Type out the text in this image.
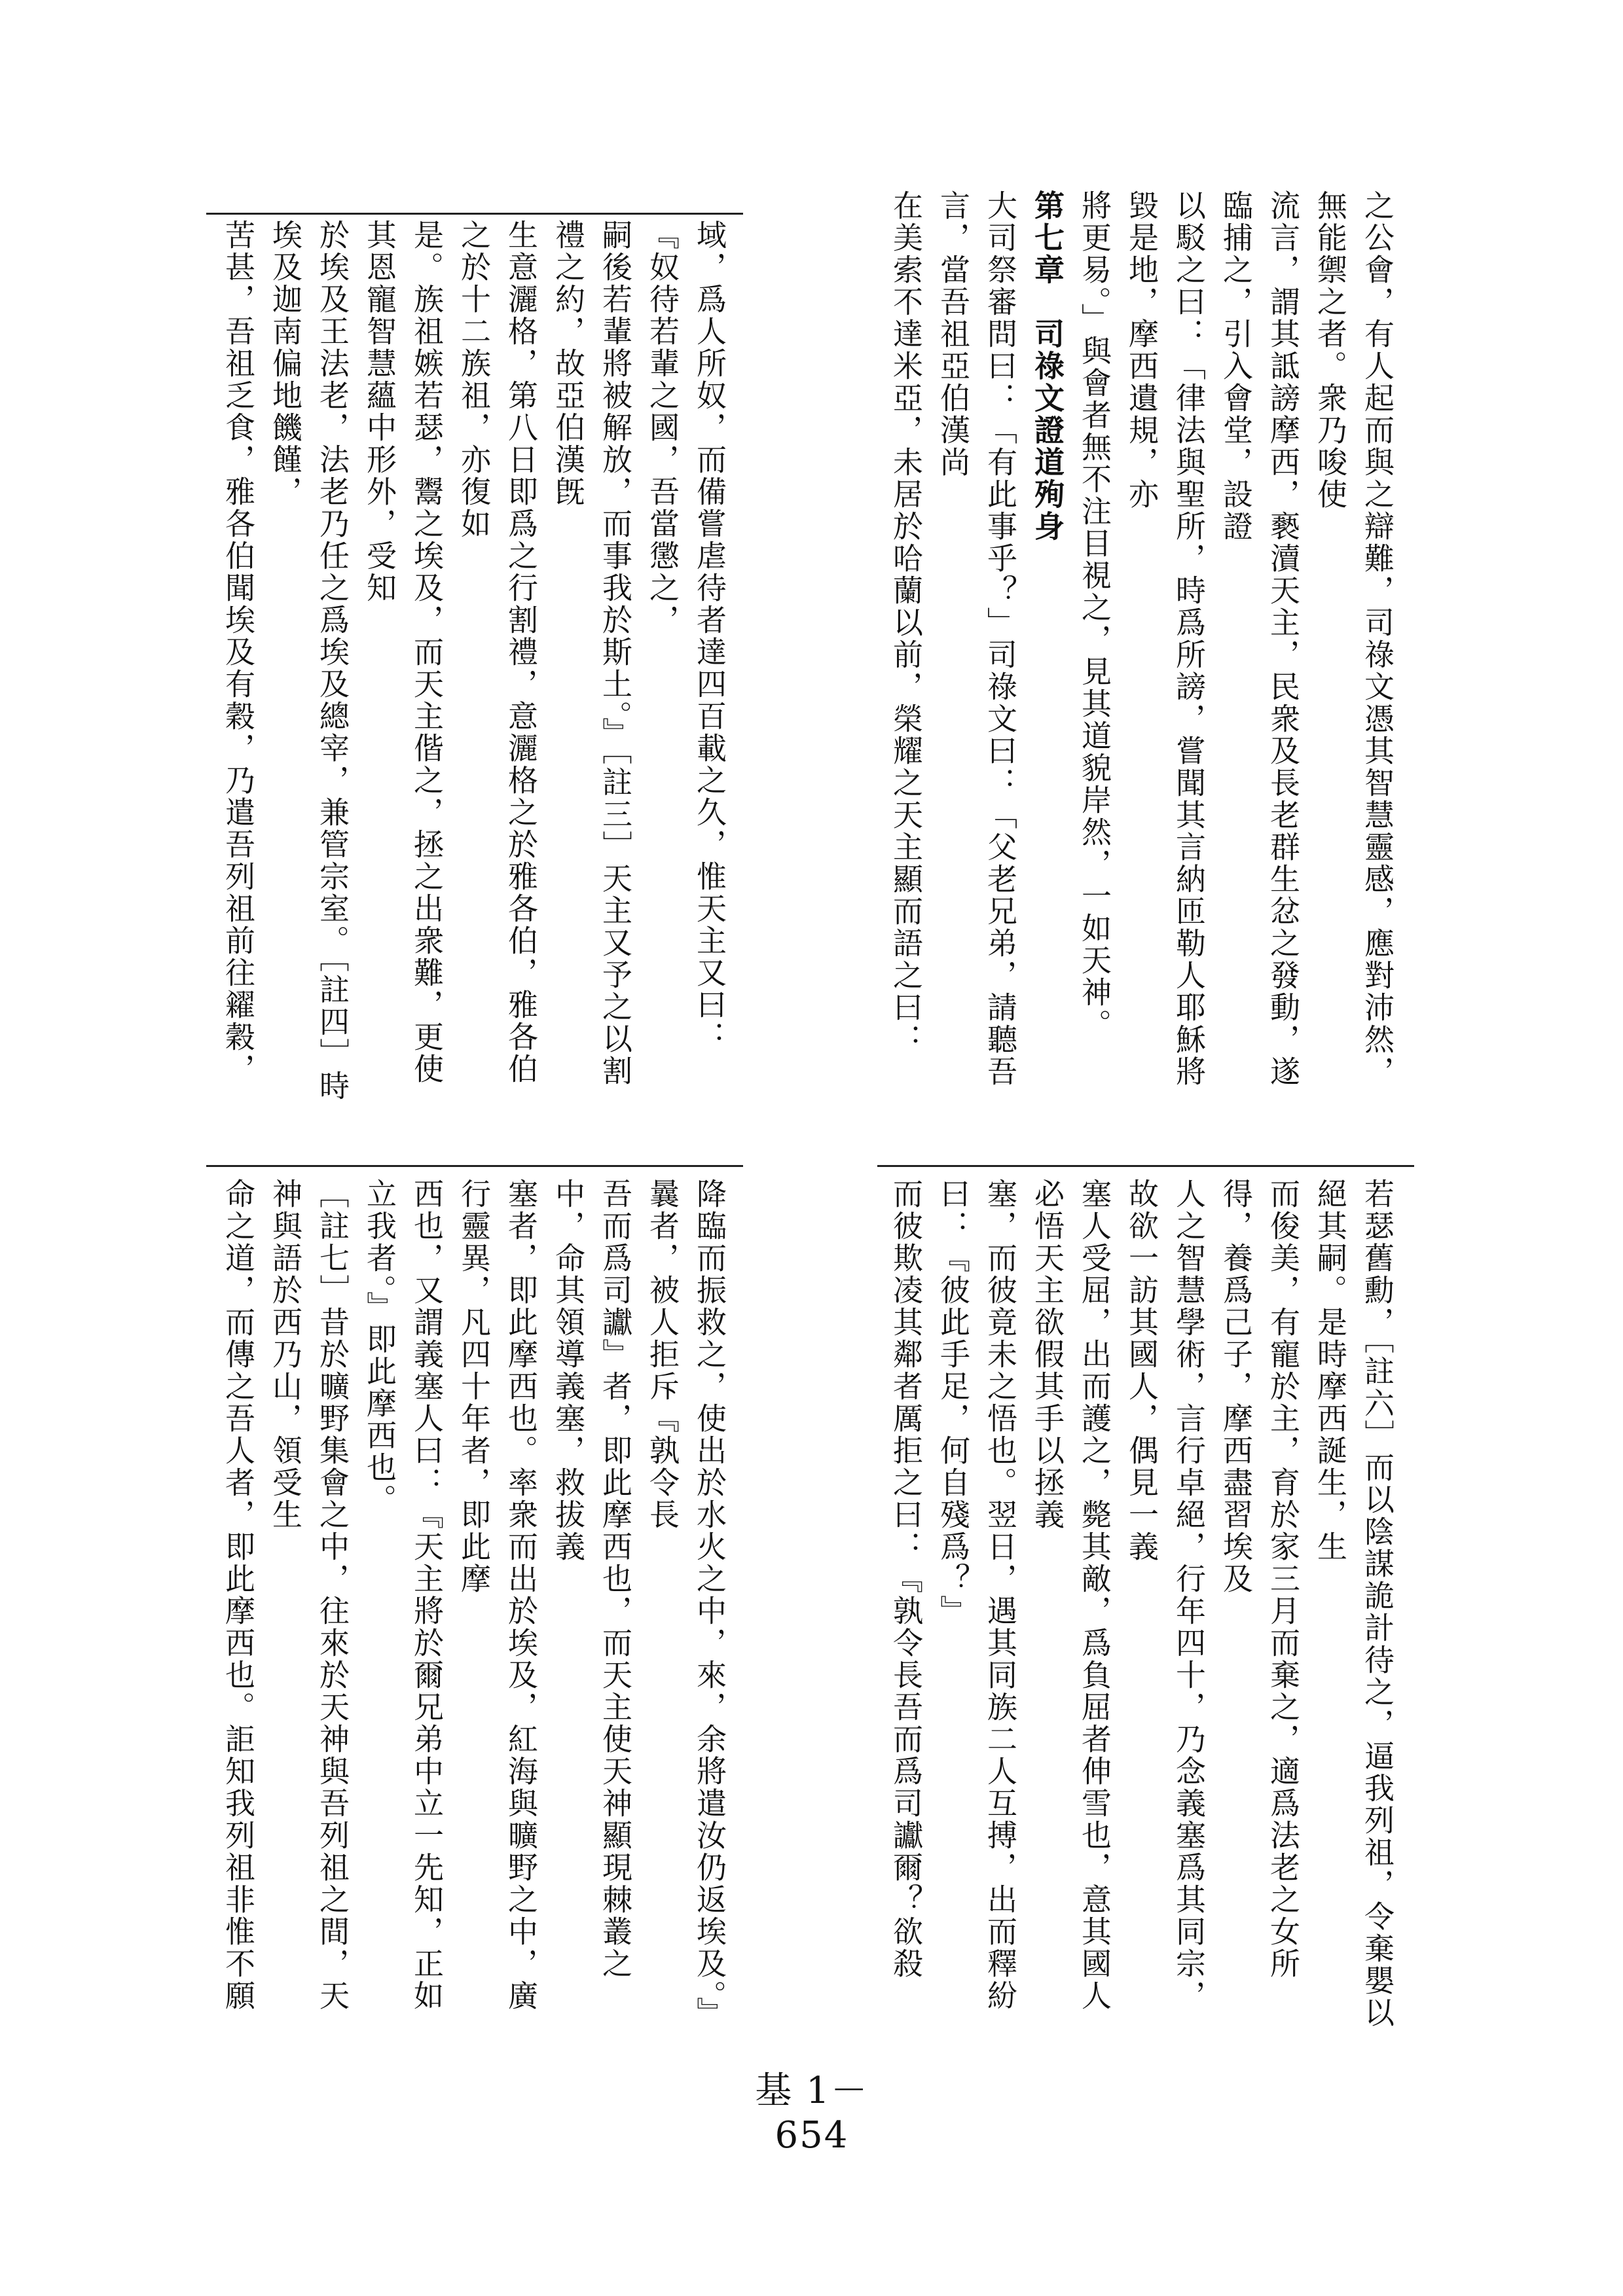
之公會，有人起而與之辯難，司祿文憑其智慧靈感，應對沛然，無能禦之者。衆乃唆使

流言，謂其詆謗摩西，褻瀆天主，民衆及長老群生忿之發動，遂臨捕之，引入會堂，設證

以駁之曰：「律法與聖所，時爲所謗，嘗聞其言納匝勒人耶穌將毀是地，摩西遺規，亦

將更易。」與會者無不注目視之，見其道貌岸然，一如天神。

第七章　司祿文證道殉身

大司祭審問曰：「有此事乎？」司祿文曰：「父老兄弟，請聽吾言，當吾祖亞伯漢尚

在美索不達米亞，未居於哈蘭以前，榮耀之天主顯而語之曰：

域，爲人所奴，而備嘗虐待者達四百載之久，惟天主又曰：『奴待若輩之國，吾當懲之，

嗣後若輩將被解放，而事我於斯土。』［註三］天主又予之以割禮之約，故亞伯漢旣

生意灑格，第八日即爲之行割禮，意灑格之於雅各伯，雅各伯之於十二族祖，亦復如

是。族祖嫉若瑟，鬻之埃及，而天主偕之，拯之出衆難，更使其恩寵智慧蘊中形外，受知

於埃及王法老，法老乃任之爲埃及總宰，兼管宗室。［註四］時埃及迦南偏地饑饉，

苦甚，吾祖乏食，雅各伯聞埃及有穀，乃遣吾列祖前往糴穀，

若瑟舊勳，［註六］而以陰謀詭計待之，逼我列祖，令棄嬰以絕其嗣。是時摩西誕生，生

而俊美，有寵於主，育於家三月而棄之，適爲法老之女所得，養爲己子，摩西盡習埃及

人之智慧學術，言行卓絕，行年四十，乃念義塞爲其同宗，故欲一訪其國人，偶見一義

塞人受屈，出而護之，斃其敵，爲負屈者伸雪也，意其國人必悟天主欲假其手以拯義

塞，而彼竟未之悟也。翌日，遇其同族二人互搏，出而釋紛曰：『彼此手足，何自殘爲？』

而彼欺凌其鄰者厲拒之曰：『孰令長吾而爲司讞爾？欲殺

降臨而振救之，使出於水火之中，來，余將遣汝仍返埃及。』曩者，被人拒斥『孰令長

吾而爲司讞』者，即此摩西也，而天主使天神顯現棘叢之中，命其領導義塞，救拔義

塞者，即此摩西也。率衆而出於埃及，紅海與曠野之中，廣行靈異，凡四十年者，即此摩

西也，又謂義塞人曰：『天主將於爾兄弟中立一先知，正如立我者。』即此摩西也。

［註七］昔於曠野集會之中，往來於天神與吾列祖之間，天神與語於西乃山，領受生

命之道，而傳之吾人者，即此摩西也。詎知我列祖非惟不願

基 1－654
